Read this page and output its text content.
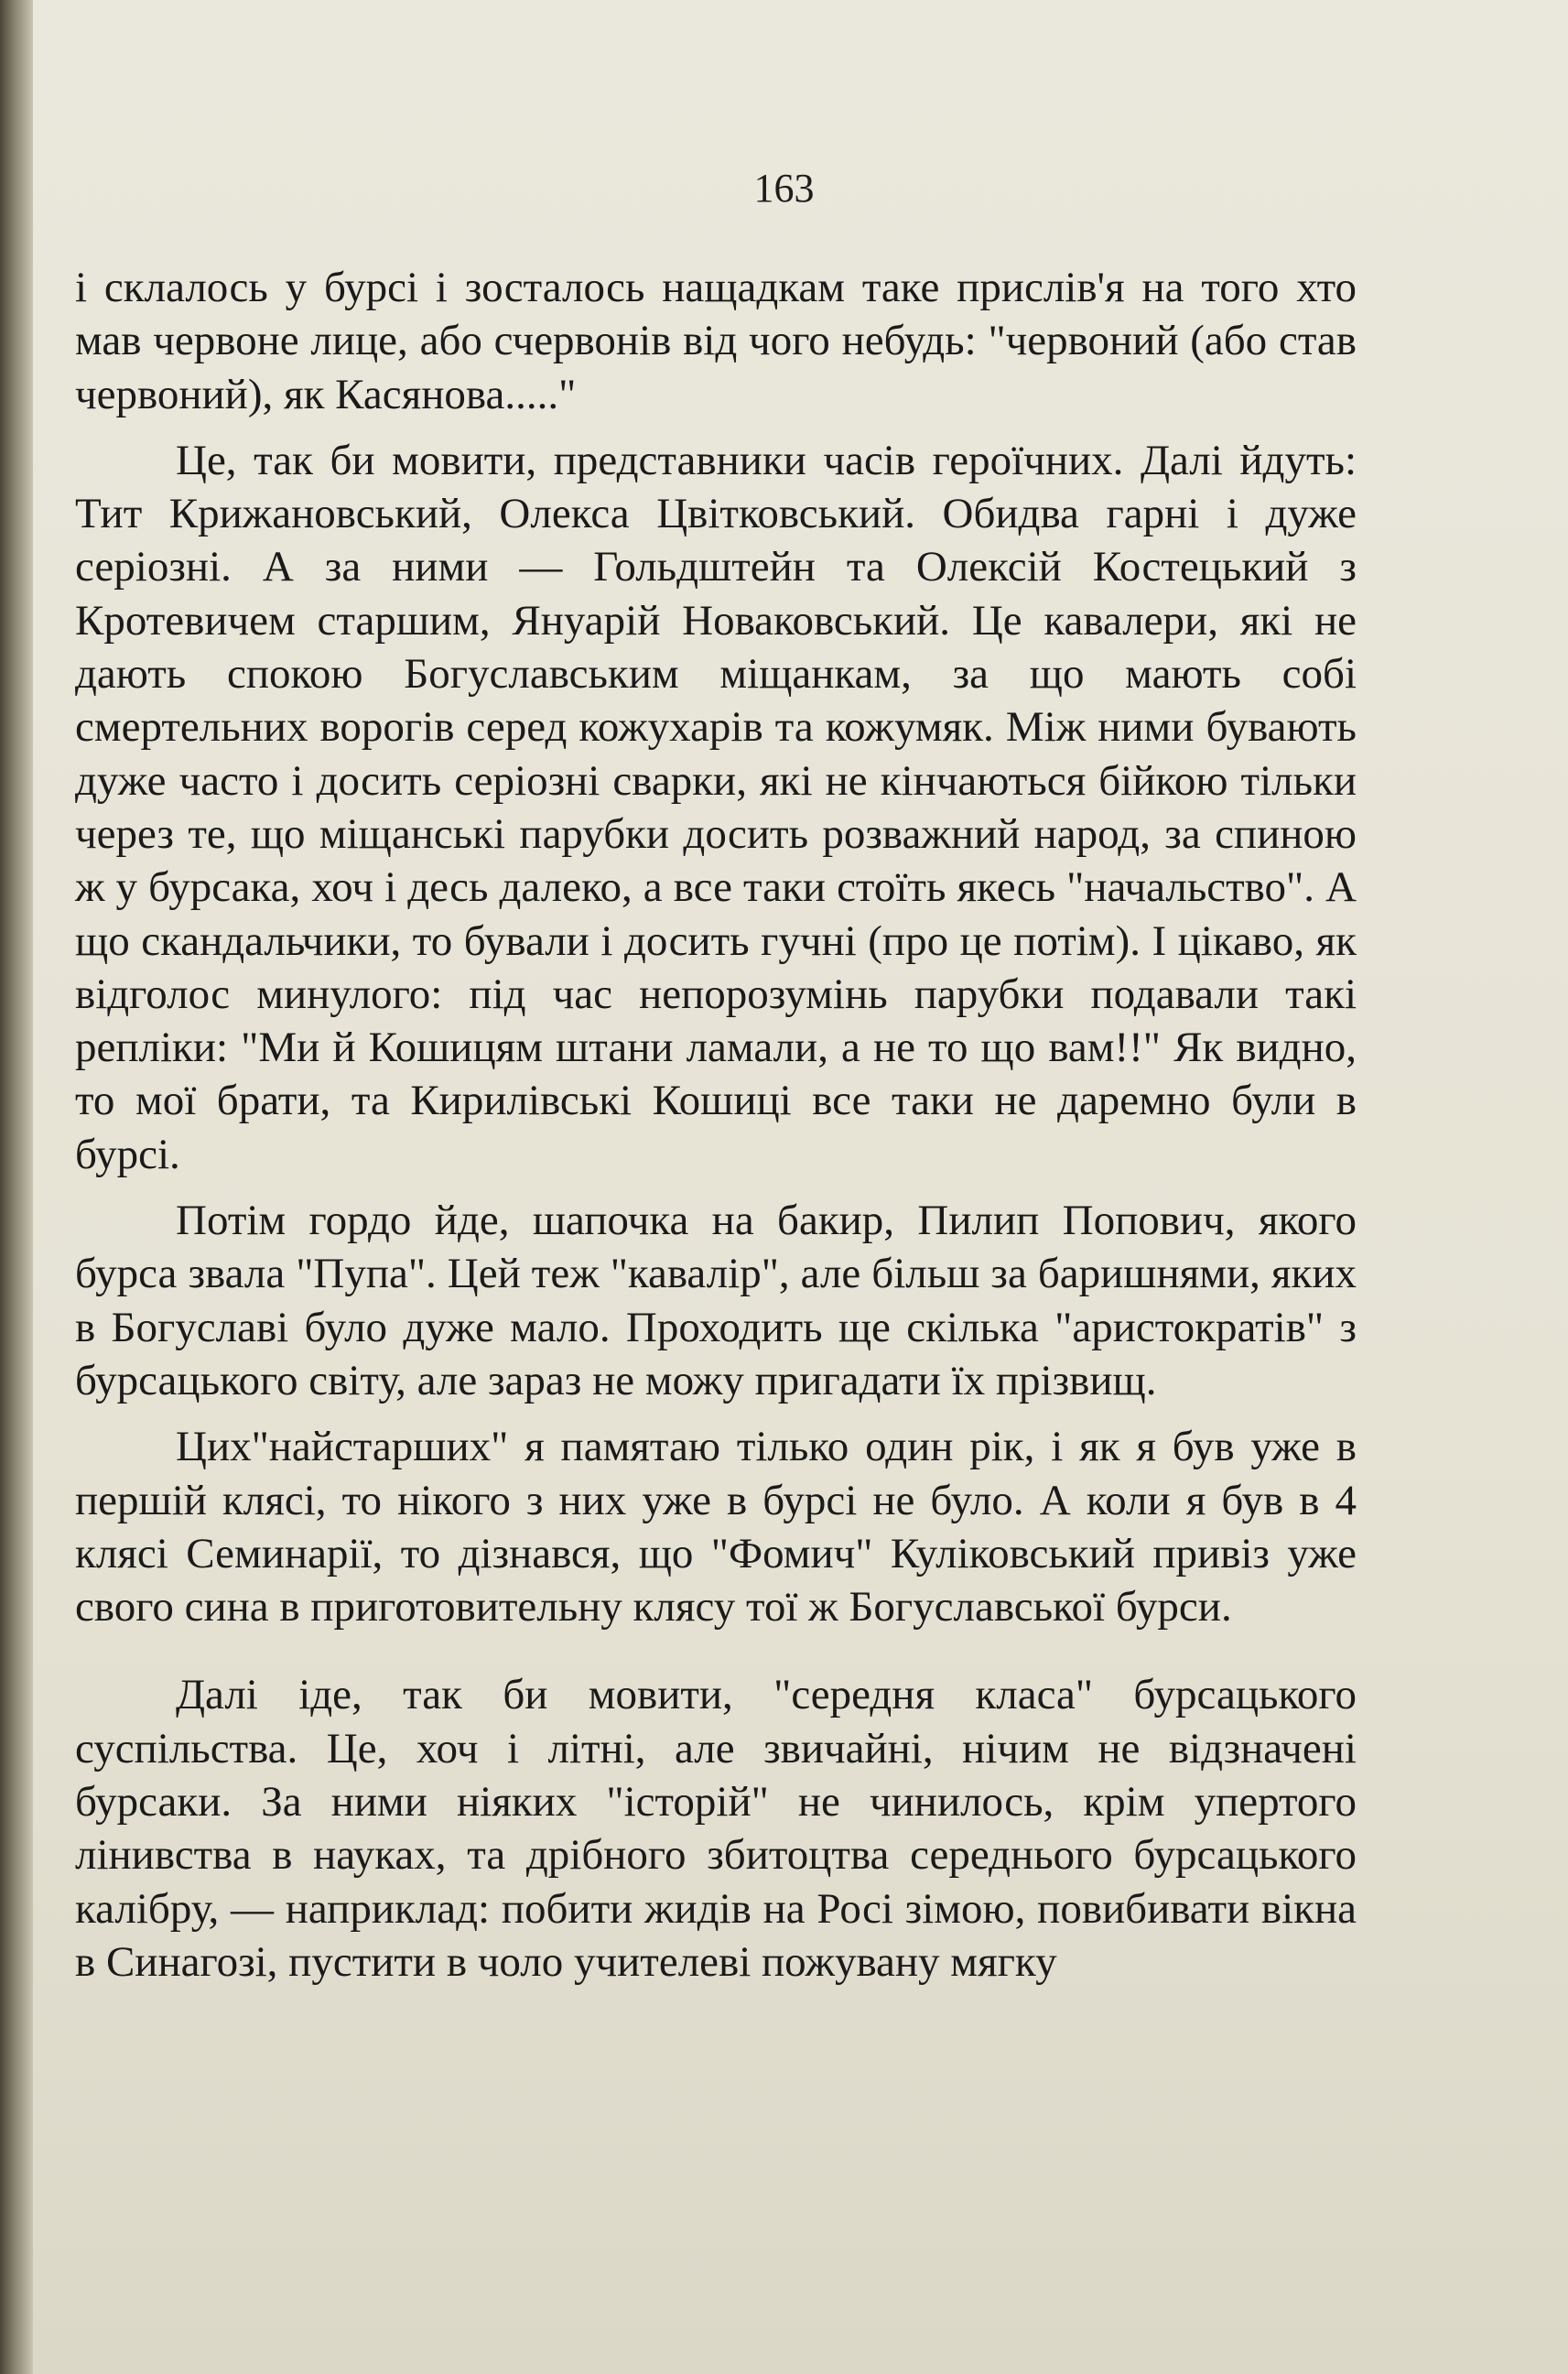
163

і склалось у бурсі і зосталось нащадкам таке прислів'я на того хто мав червоне лице, або счервонів від чого небудь: "червоний (або став червоний), як Касянова....."

Це, так би мовити, представники часів героїчних. Далі йдуть: Тит Крижановський, Олекса Цвітковський. Обидва гарні і дуже серіозні. А за ними — Гольдштейн та Олексій Костецький з Кротевичем старшим, Януарій Новаковський. Це кавалери, які не дають спокою Богуславським міщанкам, за що мають собі смертельних ворогів серед кожухарів та кожумяк. Між ними бувають дуже часто і досить серіозні сварки, які не кінчаються бійкою тільки через те, що міщанські парубки досить розважний народ, за спиною ж у бурсака, хоч і десь далеко, а все таки стоїть якесь "начальство". А що скандальчики, то бували і досить гучні (про це потім). І цікаво, як відголос минулого: під час непорозумінь парубки подавали такі репліки: "Ми й Кошицям штани ламали, а не то що вам!!" Як видно, то мої брати, та Кирилівські Кошиці все таки не даремно були в бурсі.

Потім гордо йде, шапочка на бакир, Пилип Попович, якого бурса звала "Пупа". Цей теж "кавалір", але більш за баришнями, яких в Богуславі було дуже мало. Проходить ще скілька "аристократів" з бурсацького світу, але зараз не можу пригадати їх прізвищ.

Цих"найстарших" я памятаю тілько один рік, і як я був уже в першій клясі, то нікого з них уже в бурсі не було. А коли я був в 4 клясі Семинарії, то дізнався, що "Фомич" Куліковський привіз уже свого сина в приготовительну клясу тої ж Богуславської бурси.

Далі іде, так би мовити, "середня класа" бурсацького суспільства. Це, хоч і літні, але звичайні, нічим не відзначені бурсаки. За ними ніяких "історій" не чинилось, крім упертого лінивства в науках, та дрібного збитоцтва середнього бурсацького калібру, — наприклад: побити жидів на Росі зімою, повибивати вікна в Синагозі, пустити в чоло учителеві пожувану мягку
